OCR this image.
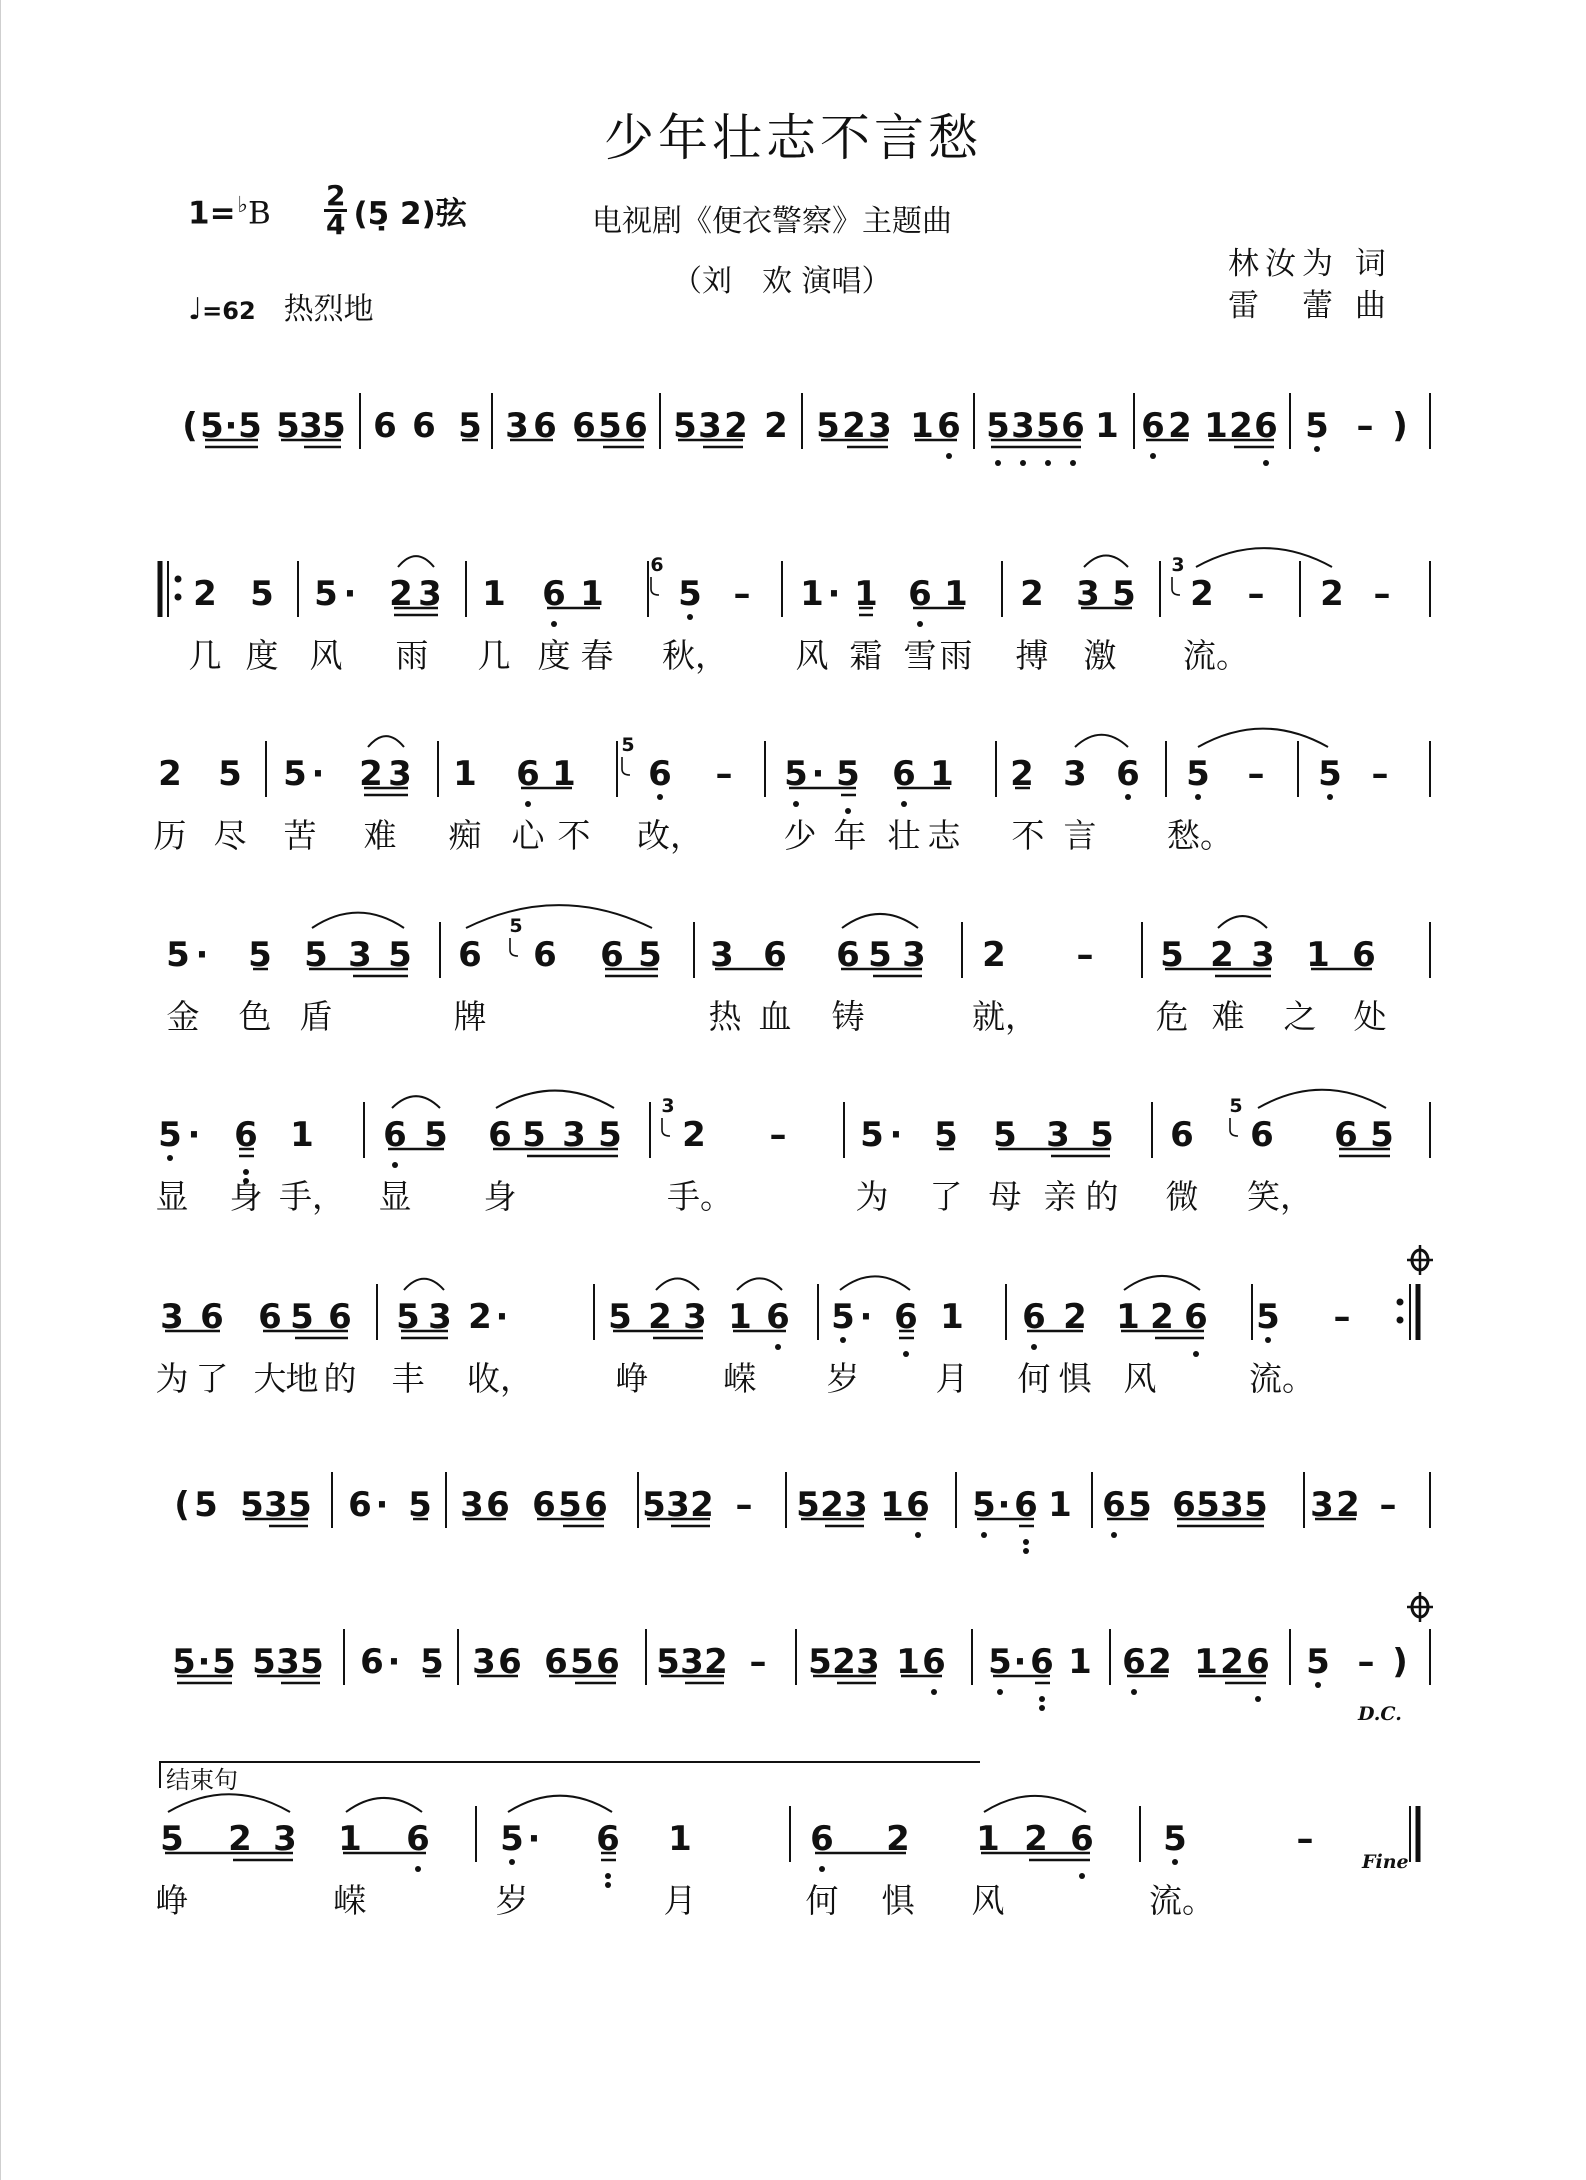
少年壮志不言愁
$1=^♭B \frac{2}{4}$ (5̣ 2)弦	电视剧《便衣警察》主题曲
（刘　欢 演唱）
♩=62 热烈地
林汝为 词
雷　蕾 曲
( 5 · 5 5 3 5 6 6 5 3 6 6 5 6 5 3 2 2 5 2 3 1 6 5 3 5 6 1 6 2 1 2 6 5 – )
2 5 5 · 2 3 1 6 1 5 – 1 · 1 6 1 2 3 5 2 – 2 –
6	3
几 度 风 雨 几 度 春 秋， 风 霜 雪 雨 搏 激 流。
2 5 5 · 2 3 1 6 1 6 – 5 · 5 6 1 2 3 6 5 – 5 –
5
历 尽 苦 难 痴 心 不 改， 少 年 壮 志 不 言 愁。
5 · 5 5 3 5 6 6 6 5 3 6 6 5 3 2 – 5 2 3 1 6
5
金 色 盾	牌	热 血 铸	就，	危 难 之 处
5 · 6 1 6 5 6 5 3 5 2 – 5 · 5 5 3 5 6 6 6 5
3	5
显 身 手， 显 身	手。	为 了 母 亲 的 微 笑，
3 6 6 5 6 5 3 2 ·	5 2 3 1 6 5 · 6 1 6 2 1 2 6 5 –
为 了 大 地 的 丰 收，	峥 嵘 岁 月 何 惧 风	流。
( 5 5 3 5 6 · 5 3 6 6 5 6 5 3 2 – 5 2 3 1 6 5 · 6 1 6 5 6 5 3 5 3 2 –
5 · 5 5 3 5 6 · 5 3 6 6 5 6 5 3 2 – 5 2 3 1 6 5 · 6 1 6 2 1 2 6 5 – )
5 2 3 1 6 5 · 6 1	6 2 1 2 6 5	–
峥	嵘	岁	月	何 惧 风	流。
D.C.
Fine
结束句
